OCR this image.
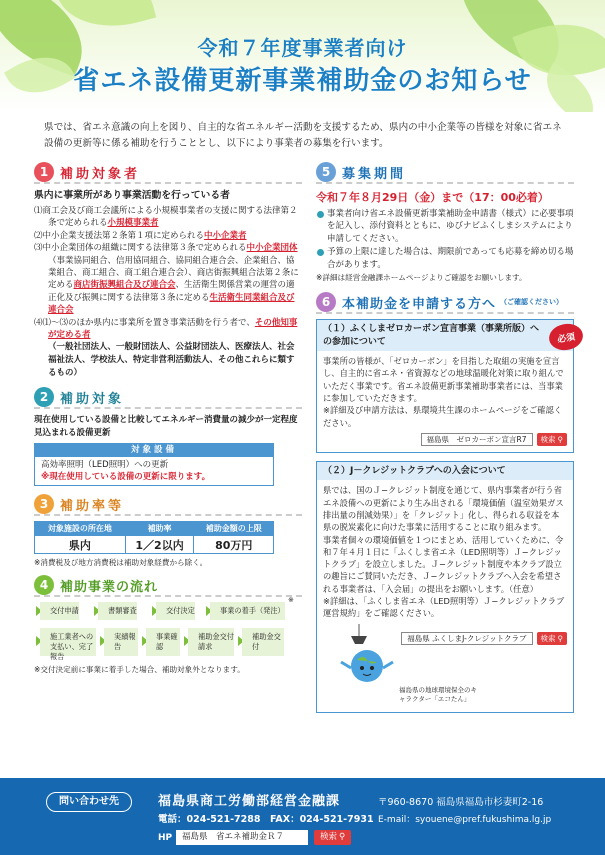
令和７年度事業者向け
省エネ設備更新事業補助金のお知らせ
県では、省エネ意識の向上を図り、自主的な省エネルギー活動を支援するため、県内の中小企業等の皆様を対象に省エネ設備の更新等に係る補助を行うこととし、以下により事業者の募集を行います。
1 補助対象者
県内に事業所があり事業活動を行っている者
⑴商工会及び商工会議所による小規模事業者の支援に関する法律第２条で定められる小規模事業者
⑵中小企業支援法第２条第１項に定められる中小企業者
⑶中小企業団体の組織に関する法律第３条で定められる中小企業団体（事業協同組合、信用協同組合、協同組合連合会、企業組合、協業組合、商工組合、商工組合連合会）、商店街振興組合法第２条に定める商店街振興組合及び連合会、生活衛生関係営業の運営の適正化及び振興に関する法律第３条に定める生活衛生同業組合及び連合会
⑷⑴〜⑶のほか県内に事業所を置き事業活動を行う者で、その他知事が定める者
（一般社団法人、一般財団法人、公益財団法人、医療法人、社会福祉法人、学校法人、特定非営利活動法人、その他これらに類するもの）
2 補助対象
現在使用している設備と比較してエネルギー消費量の減少が一定程度見込まれる設備更新
対象設備
高効率照明（LED照明）への更新
※現在使用している設備の更新に限ります。
3 補助率等
対象施設の所在地	補助率	補助金額の上限
県内	1／2以内	80万円
※消費税及び地方消費税は補助対象経費から除く。
4 補助事業の流れ
交付申請	書類審査	交付決定	事業の着手（発注）
※
施工業者への支払い、完了報告
実績報告
事業確認
補助金交付請求
補助金交付
※交付決定前に事業に着手した場合、補助対象外となります。
5 募集期間
令和７年８月29日（金）まで（17：00必着）
事業者向け省エネ設備更新事業補助金申請書（様式）に必要事項を記入し、添付資料とともに、ゆびナビふくしまシステムにより申請してください。
予算の上限に達した場合は、期限前であっても応募を締め切る場合があります。
※詳細は経営金融課ホームページよりご確認をお願いします。
6 本補助金を申請する方へ （ご確認ください）
（１）ふくしまゼロカーボン宣言事業（事業所版）への参加について	必須
事業所の皆様が、「ゼロカーボン」を目指した取組の実施を宣言し、自主的に省エネ・省資源などの地球温暖化対策に取り組んでいただく事業です。省エネ設備更新事業補助事業者には、当事業に参加していただきます。
※詳細及び申請方法は、県環境共生課のホームページをご確認ください。
福島県　ゼロカーボン宣言R7	検索 ⚲
（２）J－クレジットクラブへの入会について
県では、国のＪ−クレジット制度を通じて、県内事業者が行う省エネ設備への更新により生み出される「環境価値（温室効果ガス排出量の削減効果）」を「クレジット」化し、得られる収益を本県の脱炭素化に向けた事業に活用することに取り組みます。
事業者個々の環境価値を１つにまとめ、活用していくために、令和７年４月１日に「ふくしま省エネ（LED照明等）Ｊ−クレジットクラブ」を設立しました。Ｊ−クレジット制度や本クラブ設立の趣旨にご賛同いただき、Ｊ−クレジットクラブへ入会を希望される事業者は、「入会届」の提出をお願いします。（任意）
※詳細は、「ふくしま省エネ（LED照明等）Ｊ−クレジットクラブ運営規約」をご確認ください。
福島県 ふくしまJ-クレジットクラブ	検索 ⚲
福島県の地球環境保全のキャラクター「エコたん」
問い合わせ先	福島県商工労働部経営金融課	〒960-8670 福島県福島市杉妻町2-16
電話：024-521-7288　FAX：024-521-7931 E-mail：syouene@pref.fukushima.lg.jp
HP	福島県　省エネ補助金Ｒ７	検索 ⚲
